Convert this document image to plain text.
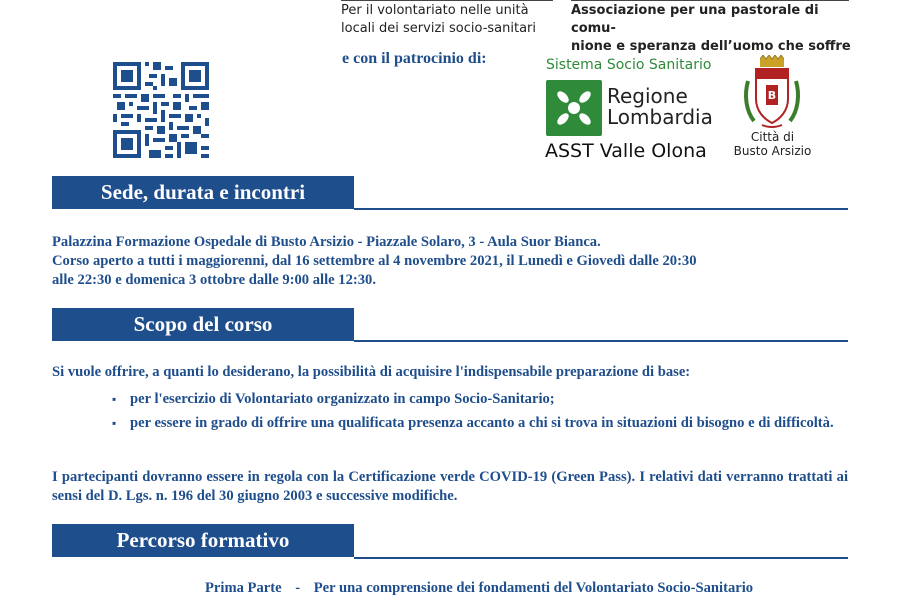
Per il volontariato nelle unità
locali dei servizi socio-sanitari
Associazione per una pastorale di comu-
nione e speranza dell’uomo che soffre
e con il patrocinio di:	Sistema Socio Sanitario
Regione
Lombardia
ASST Valle Olona
B
Città di
Busto Arsizio
Sede, durata e incontri
Palazzina Formazione Ospedale di Busto Arsizio - Piazzale Solaro, 3 - Aula Suor Bianca.
Corso aperto a tutti i maggiorenni, dal 16 settembre al 4 novembre 2021, il Lunedì e Giovedì dalle 20:30
alle 22:30 e domenica 3 ottobre dalle 9:00 alle 12:30.
Scopo del corso
Si vuole offrire, a quanti lo desiderano, la possibilità di acquisire l'indispensabile preparazione di base:
▪ per l'esercizio di Volontariato organizzato in campo Socio-Sanitario;
▪ per essere in grado di offrire una qualificata presenza accanto a chi si trova in situazioni di bisogno e di difficoltà.
I partecipanti dovranno essere in regola con la Certificazione verde COVID-19 (Green Pass). I relativi dati verranno trattati ai sensi del D. Lgs. n. 196 del 30 giugno 2003 e successive modifiche.
Percorso formativo
Prima Parte - Per una comprensione dei fondamenti del Volontariato Socio-Sanitario
